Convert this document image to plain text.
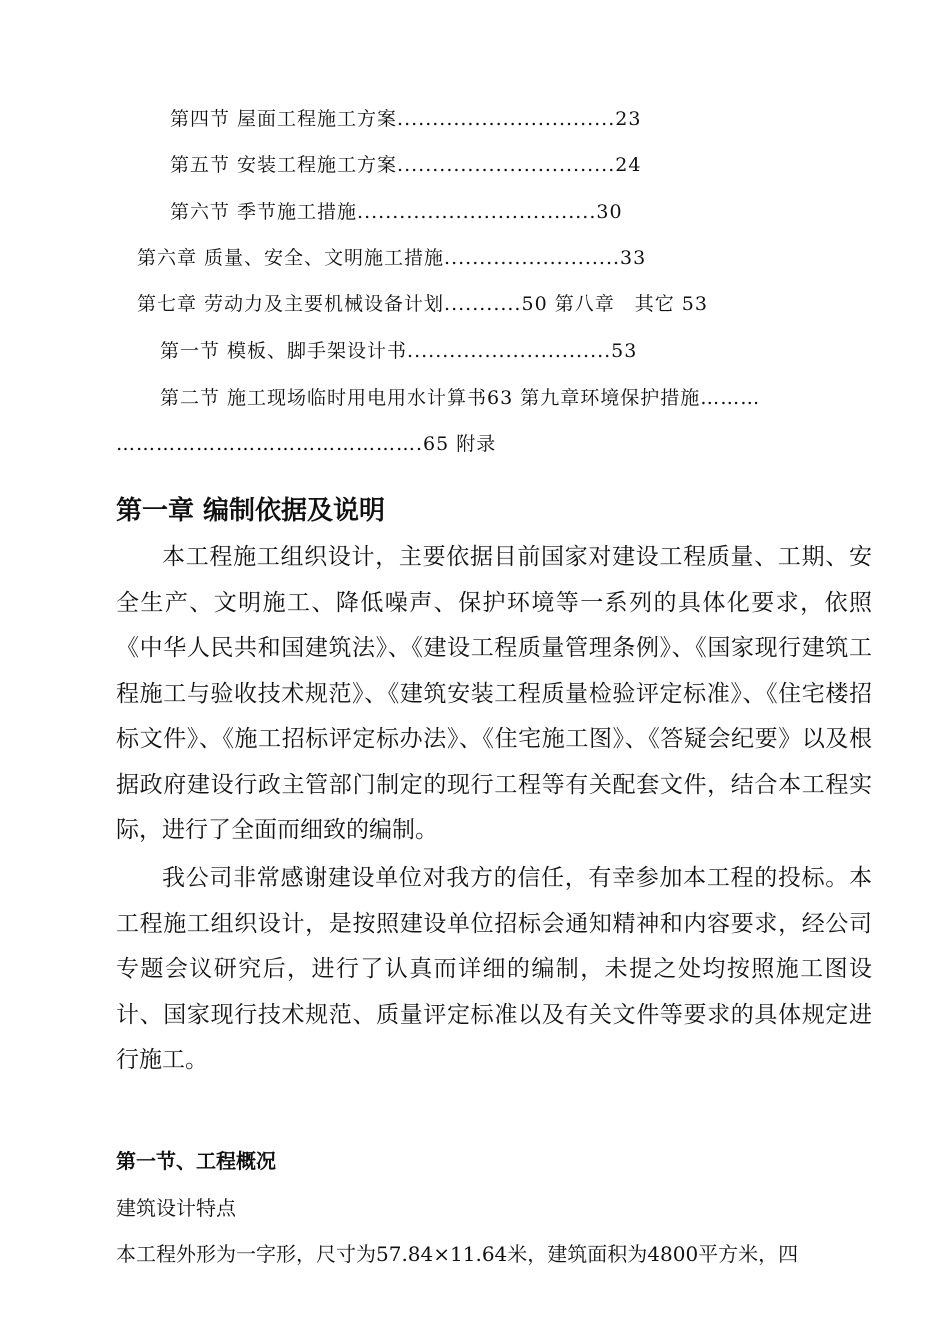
第四节 屋面工程施工方案...............................23
第五节 安装工程施工方案...............................24
第六节 季节施工措施..................................30
第六章 质量、安全、文明施工措施.........................33
第七章 劳动力及主要机械设备计划...........50 第八章　其它 53
第一节 模板、脚手架设计书.............................53
第二节 施工现场临时用电用水计算书63 第九章环境保护措施………
……………………………………….65 附录
第一章 编制依据及说明

本工程施工组织设计，主要依据目前国家对建设工程质量、工期、安全生产、文明施工、降低噪声、保护环境等一系列的具体化要求，依照《中华人民共和国建筑法》、《建设工程质量管理条例》、《国家现行建筑工程施工与验收技术规范》、《建筑安装工程质量检验评定标准》、《住宅楼招标文件》、《施工招标评定标办法》、《住宅施工图》、《答疑会纪要》以及根据政府建设行政主管部门制定的现行工程等有关配套文件，结合本工程实际，进行了全面而细致的编制。

我公司非常感谢建设单位对我方的信任，有幸参加本工程的投标。本工程施工组织设计，是按照建设单位招标会通知精神和内容要求，经公司专题会议研究后，进行了认真而详细的编制，未提之处均按照施工图设计、国家现行技术规范、质量评定标准以及有关文件等要求的具体规定进行施工。

第一节、工程概况
建筑设计特点
本工程外形为一字形，尺寸为57.84×11.64米，建筑面积为4800平方米，四
